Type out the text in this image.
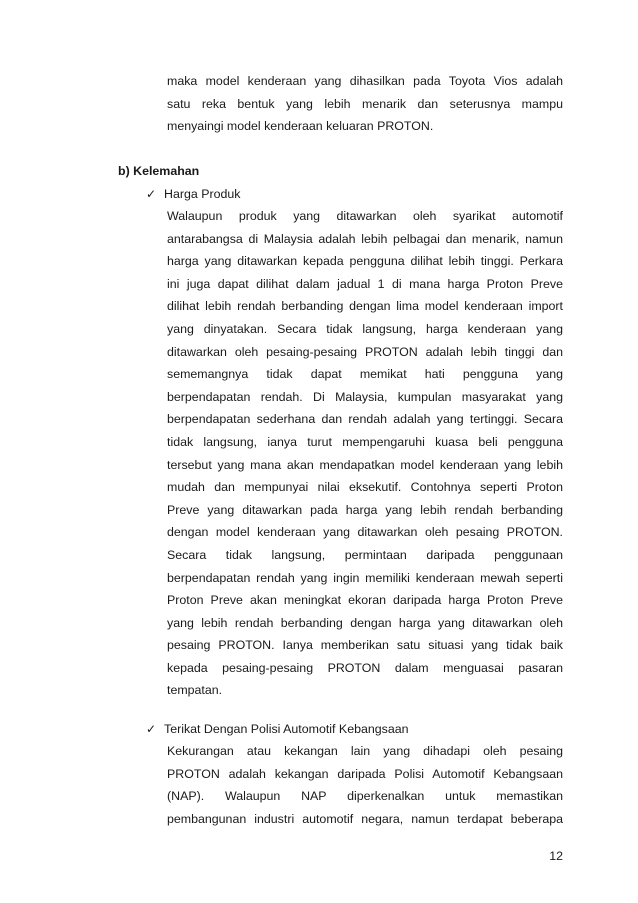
maka model kenderaan yang dihasilkan pada Toyota Vios adalah
satu reka bentuk yang lebih menarik dan seterusnya mampu
menyaingi model kenderaan keluaran PROTON.
b) Kelemahan
✓ Harga Produk
Walaupun produk yang ditawarkan oleh syarikat automotif
antarabangsa di Malaysia adalah lebih pelbagai dan menarik, namun
harga yang ditawarkan kepada pengguna dilihat lebih tinggi. Perkara
ini juga dapat dilihat dalam jadual 1 di mana harga Proton Preve
dilihat lebih rendah berbanding dengan lima model kenderaan import
yang dinyatakan. Secara tidak langsung, harga kenderaan yang
ditawarkan oleh pesaing-pesaing PROTON adalah lebih tinggi dan
sememangnya tidak dapat memikat hati pengguna yang
berpendapatan rendah. Di Malaysia, kumpulan masyarakat yang
berpendapatan sederhana dan rendah adalah yang tertinggi. Secara
tidak langsung, ianya turut mempengaruhi kuasa beli pengguna
tersebut yang mana akan mendapatkan model kenderaan yang lebih
mudah dan mempunyai nilai eksekutif. Contohnya seperti Proton
Preve yang ditawarkan pada harga yang lebih rendah berbanding
dengan model kenderaan yang ditawarkan oleh pesaing PROTON.
Secara tidak langsung, permintaan daripada penggunaan
berpendapatan rendah yang ingin memiliki kenderaan mewah seperti
Proton Preve akan meningkat ekoran daripada harga Proton Preve
yang lebih rendah berbanding dengan harga yang ditawarkan oleh
pesaing PROTON. Ianya memberikan satu situasi yang tidak baik
kepada pesaing-pesaing PROTON dalam menguasai pasaran
tempatan.
✓ Terikat Dengan Polisi Automotif Kebangsaan
Kekurangan atau kekangan lain yang dihadapi oleh pesaing
PROTON adalah kekangan daripada Polisi Automotif Kebangsaan
(NAP). Walaupun NAP diperkenalkan untuk memastikan
pembangunan industri automotif negara, namun terdapat beberapa
12
